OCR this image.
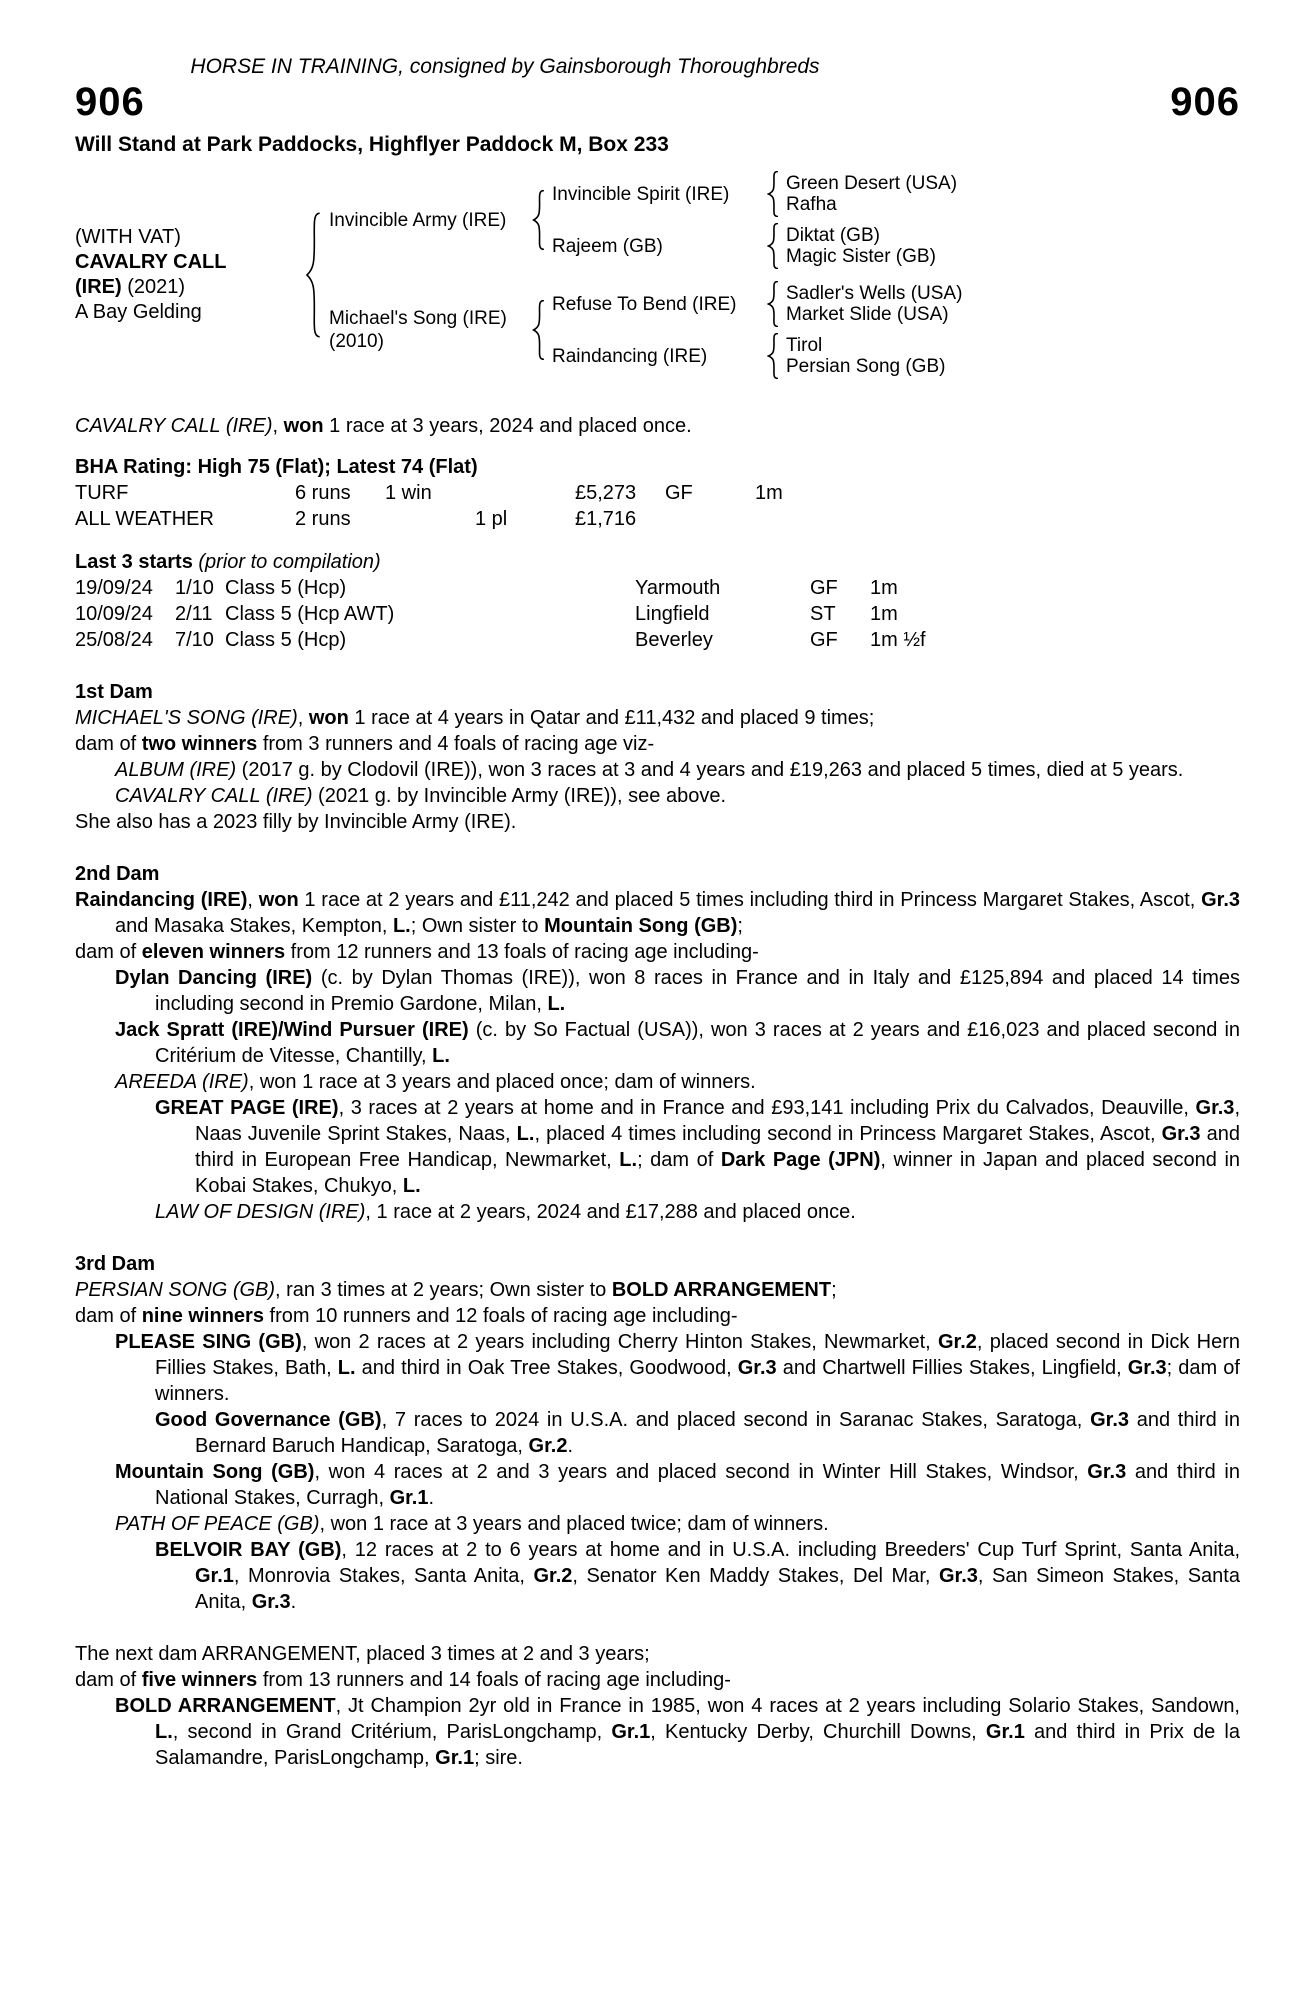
HORSE IN TRAINING, consigned by Gainsborough Thoroughbreds
906	906
Will Stand at Park Paddocks, Highflyer Paddock M, Box 233
(WITH VAT)
CAVALRY CALL
(IRE) (2021)
A Bay Gelding
Invincible Army (IRE)
Invincible Spirit (IRE)	Green Desert (USA)
Rafha
Rajeem (GB)	Diktat (GB)
Magic Sister (GB)
Michael's Song (IRE)
(2010)
Refuse To Bend (IRE)	Sadler's Wells (USA)
Market Slide (USA)
Raindancing (IRE)	Tirol
Persian Song (GB)
CAVALRY CALL (IRE), won 1 race at 3 years, 2024 and placed once.
BHA Rating: High 75 (Flat); Latest 74 (Flat)
TURF	6 runs	1 win	£5,273	GF	1m
ALL WEATHER	2 runs	1 pl	£1,716
Last 3 starts (prior to compilation)
19/09/24	1/10 Class 5 (Hcp)	Yarmouth	GF	1m
10/09/24	2/11 Class 5 (Hcp AWT)	Lingfield	ST	1m
25/08/24	7/10 Class 5 (Hcp)	Beverley	GF	1m ½f
1st Dam
MICHAEL'S SONG (IRE), won 1 race at 4 years in Qatar and £11,432 and placed 9 times;
dam of two winners from 3 runners and 4 foals of racing age viz-
ALBUM (IRE) (2017 g. by Clodovil (IRE)), won 3 races at 3 and 4 years and £19,263 and placed 5 times, died at 5 years.
CAVALRY CALL (IRE) (2021 g. by Invincible Army (IRE)), see above.
She also has a 2023 filly by Invincible Army (IRE).
2nd Dam
Raindancing (IRE), won 1 race at 2 years and £11,242 and placed 5 times including third in Princess Margaret Stakes, Ascot, Gr.3 and Masaka Stakes, Kempton, L.; Own sister to Mountain Song (GB);
dam of eleven winners from 12 runners and 13 foals of racing age including-
Dylan Dancing (IRE) (c. by Dylan Thomas (IRE)), won 8 races in France and in Italy and £125,894 and placed 14 times including second in Premio Gardone, Milan, L.
Jack Spratt (IRE)/Wind Pursuer (IRE) (c. by So Factual (USA)), won 3 races at 2 years and £16,023 and placed second in Critérium de Vitesse, Chantilly, L.
AREEDA (IRE), won 1 race at 3 years and placed once; dam of winners.
GREAT PAGE (IRE), 3 races at 2 years at home and in France and £93,141 including Prix du Calvados, Deauville, Gr.3, Naas Juvenile Sprint Stakes, Naas, L., placed 4 times including second in Princess Margaret Stakes, Ascot, Gr.3 and third in European Free Handicap, Newmarket, L.; dam of Dark Page (JPN), winner in Japan and placed second in Kobai Stakes, Chukyo, L.
LAW OF DESIGN (IRE), 1 race at 2 years, 2024 and £17,288 and placed once.
3rd Dam
PERSIAN SONG (GB), ran 3 times at 2 years; Own sister to BOLD ARRANGEMENT;
dam of nine winners from 10 runners and 12 foals of racing age including-
PLEASE SING (GB), won 2 races at 2 years including Cherry Hinton Stakes, Newmarket, Gr.2, placed second in Dick Hern Fillies Stakes, Bath, L. and third in Oak Tree Stakes, Goodwood, Gr.3 and Chartwell Fillies Stakes, Lingfield, Gr.3; dam of winners.
Good Governance (GB), 7 races to 2024 in U.S.A. and placed second in Saranac Stakes, Saratoga, Gr.3 and third in Bernard Baruch Handicap, Saratoga, Gr.2.
Mountain Song (GB), won 4 races at 2 and 3 years and placed second in Winter Hill Stakes, Windsor, Gr.3 and third in National Stakes, Curragh, Gr.1.
PATH OF PEACE (GB), won 1 race at 3 years and placed twice; dam of winners.
BELVOIR BAY (GB), 12 races at 2 to 6 years at home and in U.S.A. including Breeders' Cup Turf Sprint, Santa Anita, Gr.1, Monrovia Stakes, Santa Anita, Gr.2, Senator Ken Maddy Stakes, Del Mar, Gr.3, San Simeon Stakes, Santa Anita, Gr.3.
The next dam ARRANGEMENT, placed 3 times at 2 and 3 years;
dam of five winners from 13 runners and 14 foals of racing age including-
BOLD ARRANGEMENT, Jt Champion 2yr old in France in 1985, won 4 races at 2 years including Solario Stakes, Sandown, L., second in Grand Critérium, ParisLongchamp, Gr.1, Kentucky Derby, Churchill Downs, Gr.1 and third in Prix de la Salamandre, ParisLongchamp, Gr.1; sire.
